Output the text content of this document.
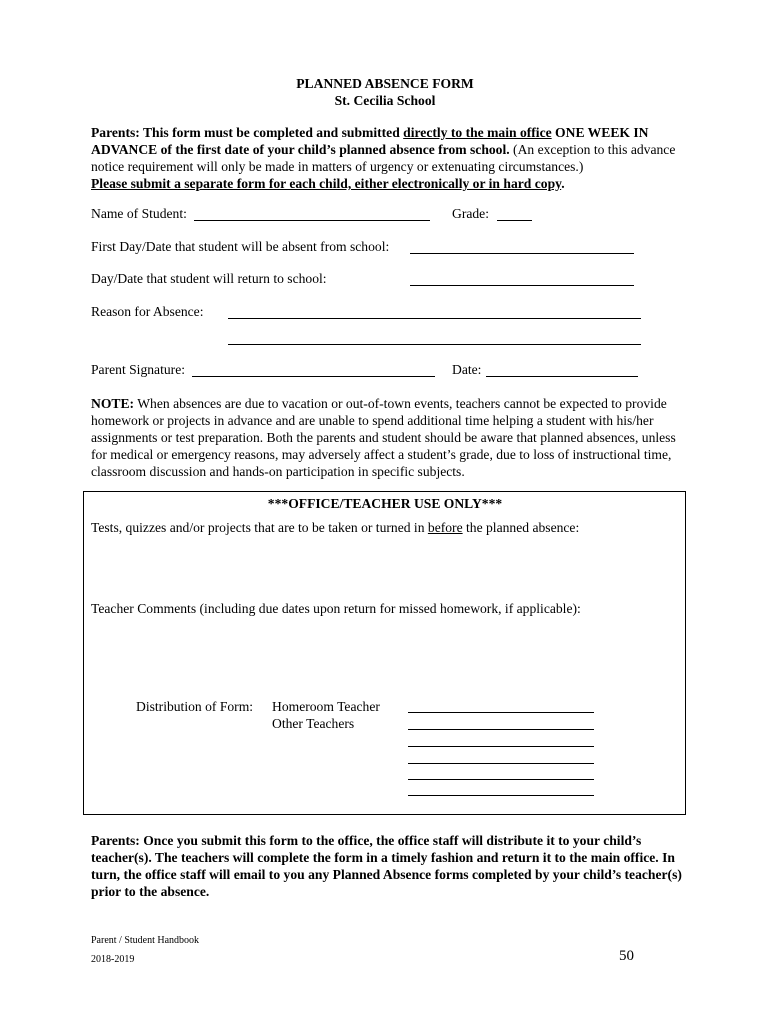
PLANNED ABSENCE FORM
St. Cecilia School
Parents: This form must be completed and submitted directly to the main office ONE WEEK IN ADVANCE of the first date of your child’s planned absence from school. (An exception to this advance notice requirement will only be made in matters of urgency or extenuating circumstances.)
Please submit a separate form for each child, either electronically or in hard copy.
Name of Student:	Grade:
First Day/Date that student will be absent from school:
Day/Date that student will return to school:
Reason for Absence:
Parent Signature:	Date:
NOTE: When absences are due to vacation or out-of-town events, teachers cannot be expected to provide homework or projects in advance and are unable to spend additional time helping a student with his/her assignments or test preparation. Both the parents and student should be aware that planned absences, unless for medical or emergency reasons, may adversely affect a student’s grade, due to loss of instructional time, classroom discussion and hands-on participation in specific subjects.
***OFFICE/TEACHER USE ONLY***
Tests, quizzes and/or projects that are to be taken or turned in before the planned absence:
Teacher Comments (including due dates upon return for missed homework, if applicable):
Distribution of Form: Homeroom Teacher
Other Teachers
Parents: Once you submit this form to the office, the office staff will distribute it to your child’s teacher(s). The teachers will complete the form in a timely fashion and return it to the main office. In turn, the office staff will email to you any Planned Absence forms completed by your child’s teacher(s) prior to the absence.
Parent / Student Handbook
2018-2019	50
